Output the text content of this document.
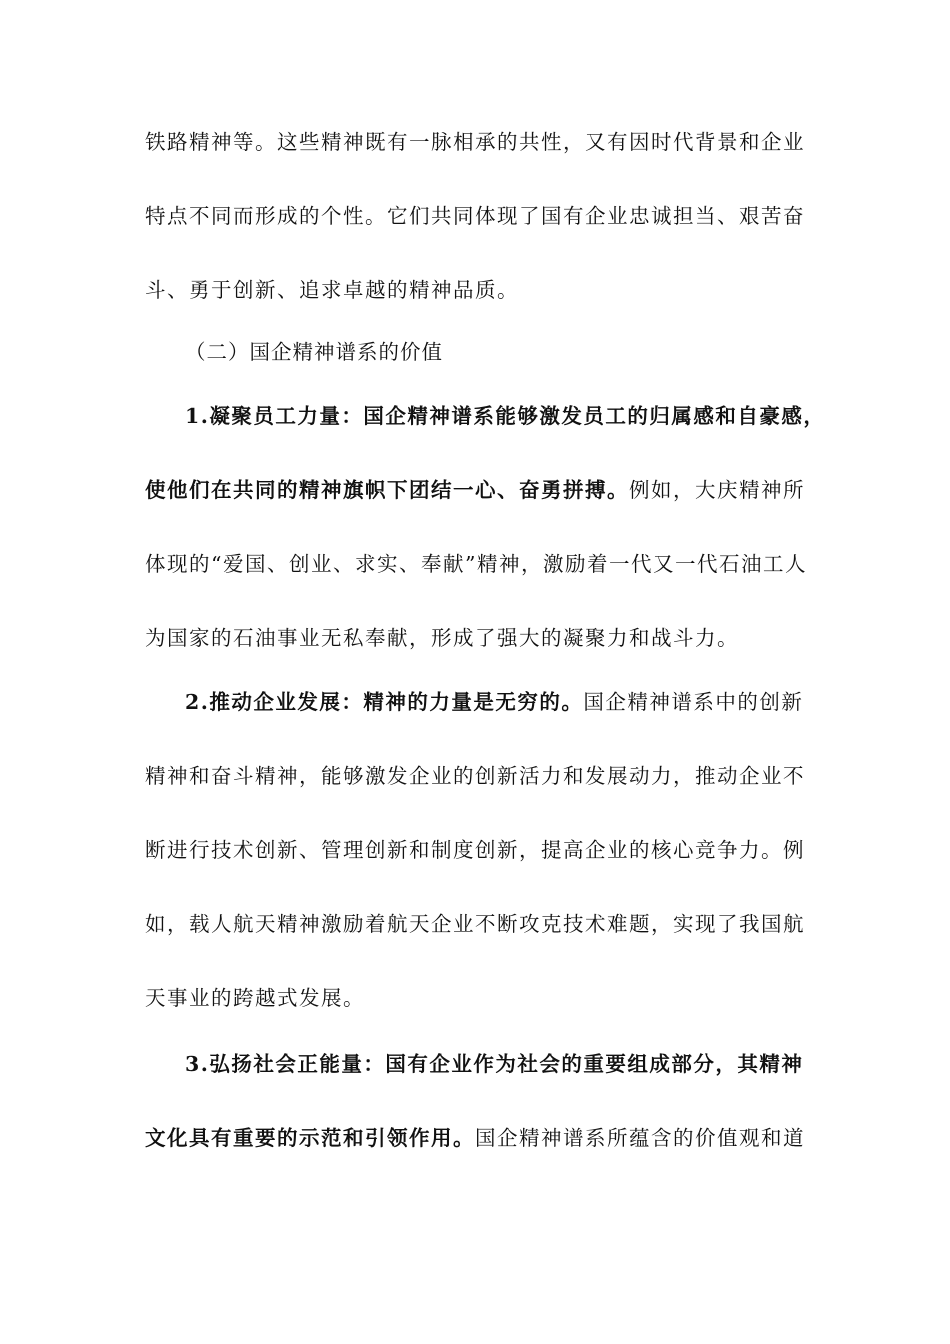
铁路精神等。这些精神既有一脉相承的共性，又有因时代背景和企业
特点不同而形成的个性。它们共同体现了国有企业忠诚担当、艰苦奋
斗、勇于创新、追求卓越的精神品质。
（二）国企精神谱系的价值
1.凝聚员工力量：国企精神谱系能够激发员工的归属感和自豪感，
使他们在共同的精神旗帜下团结一心、奋勇拼搏。例如，大庆精神所
体现的“爱国、创业、求实、奉献”精神，激励着一代又一代石油工人
为国家的石油事业无私奉献，形成了强大的凝聚力和战斗力。
2.推动企业发展：精神的力量是无穷的。国企精神谱系中的创新
精神和奋斗精神，能够激发企业的创新活力和发展动力，推动企业不
断进行技术创新、管理创新和制度创新，提高企业的核心竞争力。例
如，载人航天精神激励着航天企业不断攻克技术难题，实现了我国航
天事业的跨越式发展。
3.弘扬社会正能量：国有企业作为社会的重要组成部分，其精神
文化具有重要的示范和引领作用。国企精神谱系所蕴含的价值观和道
